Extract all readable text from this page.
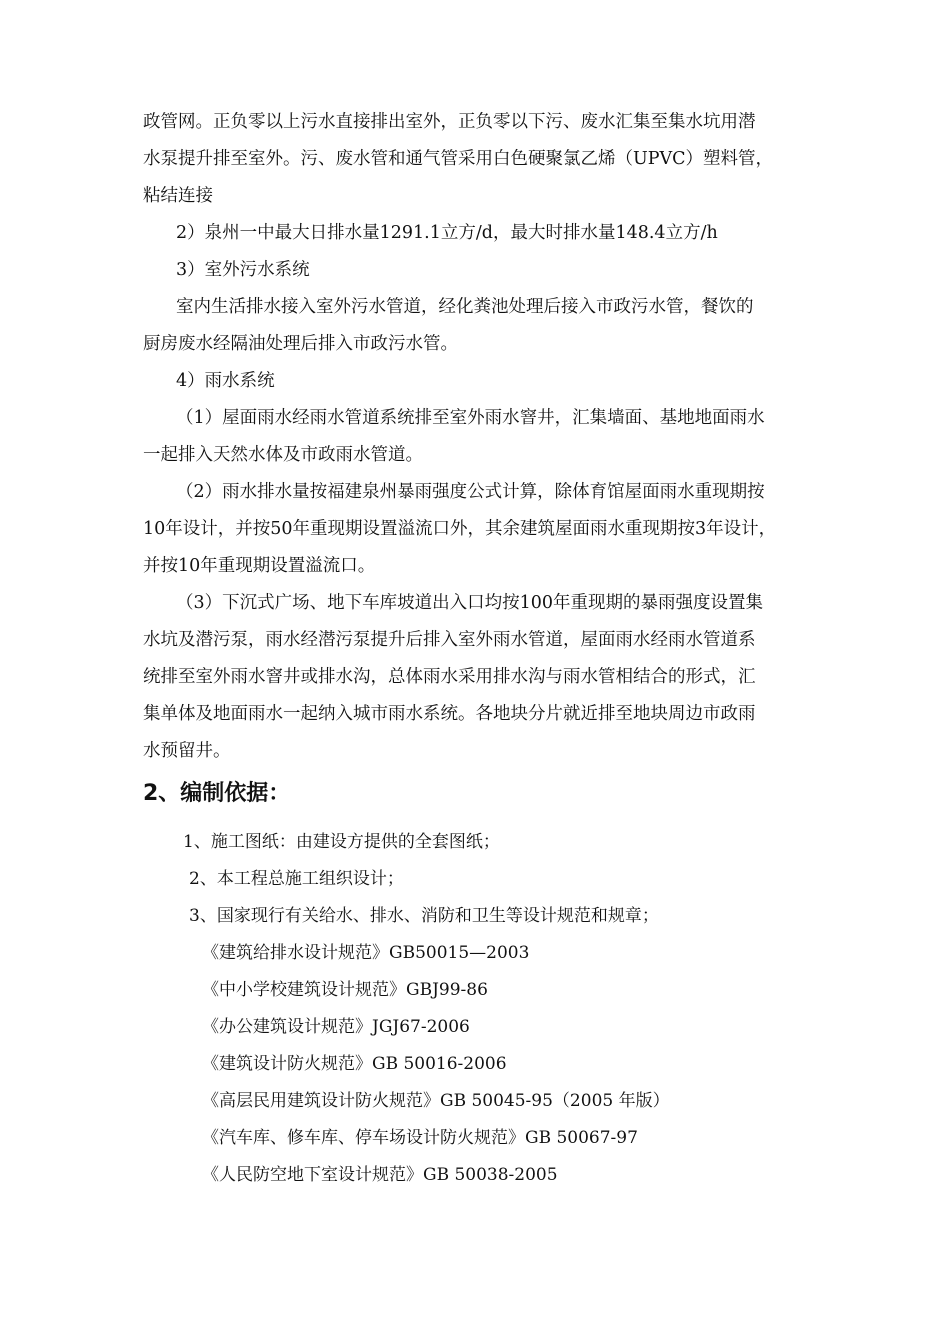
政管网。正负零以上污水直接排出室外，正负零以下污、废水汇集至集水坑用潜

水泵提升排至室外。污、废水管和通气管采用白色硬聚氯乙烯（UPVC）塑料管，

粘结连接

2）泉州一中最大日排水量1291.1立方/d，最大时排水量148.4立方/h

3）室外污水系统

室内生活排水接入室外污水管道，经化粪池处理后接入市政污水管，餐饮的

厨房废水经隔油处理后排入市政污水管。

4）雨水系统

（1）屋面雨水经雨水管道系统排至室外雨水窨井，汇集墙面、基地地面雨水

一起排入天然水体及市政雨水管道。

（2）雨水排水量按福建泉州暴雨强度公式计算，除体育馆屋面雨水重现期按

10年设计，并按50年重现期设置溢流口外，其余建筑屋面雨水重现期按3年设计，

并按10年重现期设置溢流口。

（3）下沉式广场、地下车库坡道出入口均按100年重现期的暴雨强度设置集

水坑及潜污泵，雨水经潜污泵提升后排入室外雨水管道，屋面雨水经雨水管道系

统排至室外雨水窨井或排水沟，总体雨水采用排水沟与雨水管相结合的形式，汇

集单体及地面雨水一起纳入城市雨水系统。各地块分片就近排至地块周边市政雨

水预留井。

2、编制依据：

1、施工图纸：由建设方提供的全套图纸；

2、本工程总施工组织设计；

3、国家现行有关给水、排水、消防和卫生等设计规范和规章；

《建筑给排水设计规范》GB50015—2003

《中小学校建筑设计规范》GBJ99-86

《办公建筑设计规范》JGJ67-2006

《建筑设计防火规范》GB 50016-2006

《高层民用建筑设计防火规范》GB 50045-95（2005 年版）

《汽车库、修车库、停车场设计防火规范》GB 50067-97

《人民防空地下室设计规范》GB 50038-2005
